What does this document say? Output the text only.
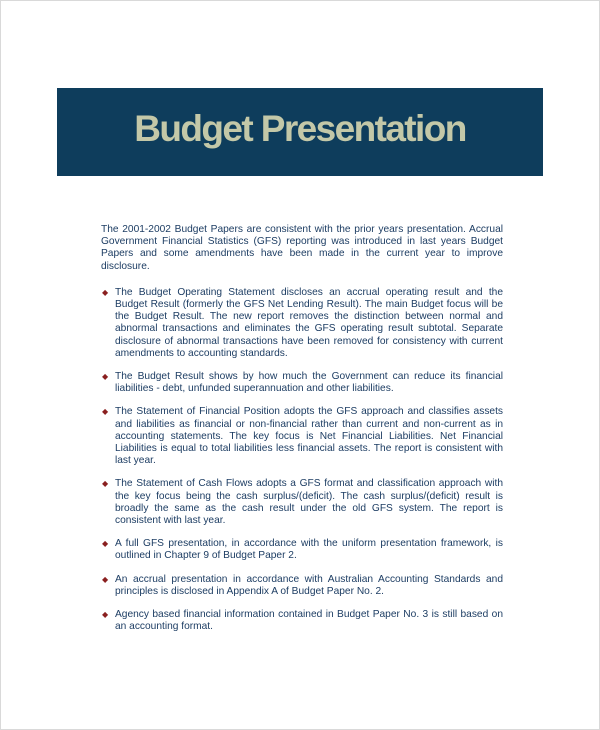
Budget Presentation

The 2001-2002 Budget Papers are consistent with the prior years presentation. Accrual Government Financial Statistics (GFS) reporting was introduced in last years Budget Papers and some amendments have been made in the current year to improve disclosure.

◆ The Budget Operating Statement discloses an accrual operating result and the Budget Result (formerly the GFS Net Lending Result). The main Budget focus will be the Budget Result. The new report removes the distinction between normal and abnormal transactions and eliminates the GFS operating result subtotal. Separate disclosure of abnormal transactions have been removed for consistency with current amendments to accounting standards.
◆ The Budget Result shows by how much the Government can reduce its financial liabilities - debt, unfunded superannuation and other liabilities.
◆ The Statement of Financial Position adopts the GFS approach and classifies assets and liabilities as financial or non-financial rather than current and non-current as in accounting statements. The key focus is Net Financial Liabilities. Net Financial Liabilities is equal to total liabilities less financial assets. The report is consistent with last year.
◆ The Statement of Cash Flows adopts a GFS format and classification approach with the key focus being the cash surplus/(deficit). The cash surplus/(deficit) result is broadly the same as the cash result under the old GFS system. The report is consistent with last year.
◆ A full GFS presentation, in accordance with the uniform presentation framework, is outlined in Chapter 9 of Budget Paper 2.
◆ An accrual presentation in accordance with Australian Accounting Standards and principles is disclosed in Appendix A of Budget Paper No. 2.
◆ Agency based financial information contained in Budget Paper No. 3 is still based on an accounting format.
